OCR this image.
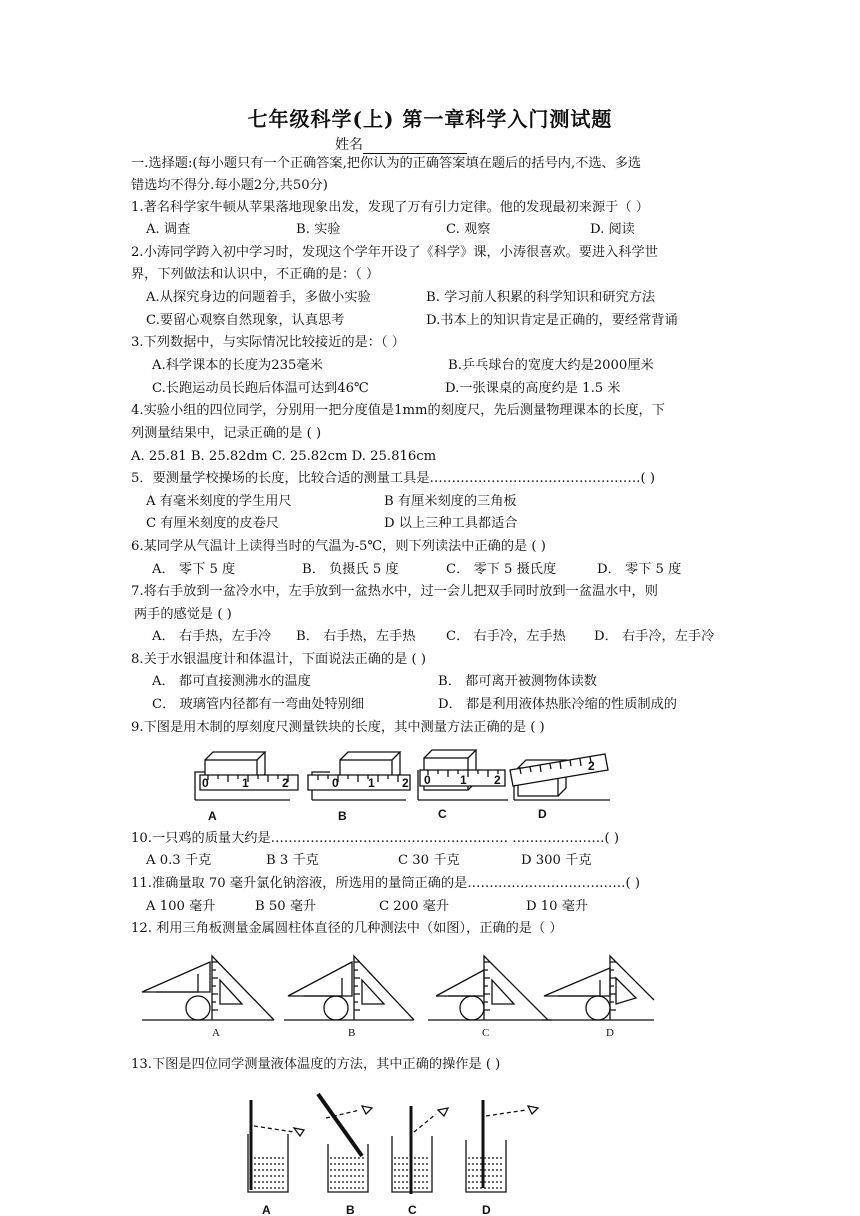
七年级科学(上) 第一章科学入门测试题
姓名
一.选择题:(每小题只有一个正确答案,把你认为的正确答案填在题后的括号内,不选、多选
错选均不得分.每小题2分,共50分)
1.著名科学家牛顿从苹果落地现象出发，发现了万有引力定律。他的发现最初来源于（ ）
A. 调查	B. 实验	C. 观察	D. 阅读
2.小涛同学跨入初中学习时，发现这个学年开设了《科学》课，小涛很喜欢。要进入科学世
界，下列做法和认识中，不正确的是：（ ）
A.从探究身边的问题着手，多做小实验	B. 学习前人积累的科学知识和研究方法
C.要留心观察自然现象，认真思考	D.书本上的知识肯定是正确的，要经常背诵
3.下列数据中，与实际情况比较接近的是：（ ）
A.科学课本的长度为235毫米	B.乒乓球台的宽度大约是2000厘米
C.长跑运动员长跑后体温可达到46℃	D.一张课桌的高度约是 1.5 米
4.实验小组的四位同学，分别用一把分度值是1mm的刻度尺，先后测量物理课本的长度，下
列测量结果中，记录正确的是 ( )
A. 25.81 B. 25.82dm C. 25.82cm D. 25.816cm
5．要测量学校操场的长度，比较合适的测量工具是…………………………………………( )
A 有毫米刻度的学生用尺	B 有厘米刻度的三角板
C 有厘米刻度的皮卷尺	D 以上三种工具都适合
6.某同学从气温计上读得当时的气温为-5℃，则下列读法中正确的是 ( )
A． 零下 5 度	B． 负摄氏 5 度	C． 零下 5 摄氏度	D． 零下 5 度
7.将右手放到一盆冷水中，左手放到一盆热水中，过一会儿把双手同时放到一盆温水中，则
两手的感觉是 ( )
A． 右手热，左手冷 B． 右手热，左手热 C． 右手冷，左手热 D． 右手冷，左手冷
8.关于水银温度计和体温计，下面说法正确的是 ( )
A． 都可直接测沸水的温度	B． 都可离开被测物体读数
C． 玻璃管内径都有一弯曲处特别细	D． 都是利用液体热胀冷缩的性质制成的
9.下图是用木制的厚刻度尺测量铁块的长度，其中测量方法正确的是 ( )
0	1	2	0 1 2 0 1 2
2
A	B	C	D
10.一只鸡的质量大约是……………………………………………… …………………( )
A 0.3 千克	B 3 千克	C 30 千克	D 300 千克
11.准确量取 70 毫升氯化钠溶液，所选用的量筒正确的是………………………………( )
A 100 毫升	B 50 毫升	C 200 毫升	D 10 毫升
12. 利用三角板测量金属圆柱体直径的几种测法中（如图），正确的是（ ）
A	B	C	D
13.下图是四位同学测量液体温度的方法，其中正确的操作是 ( )
A	B	C	D
